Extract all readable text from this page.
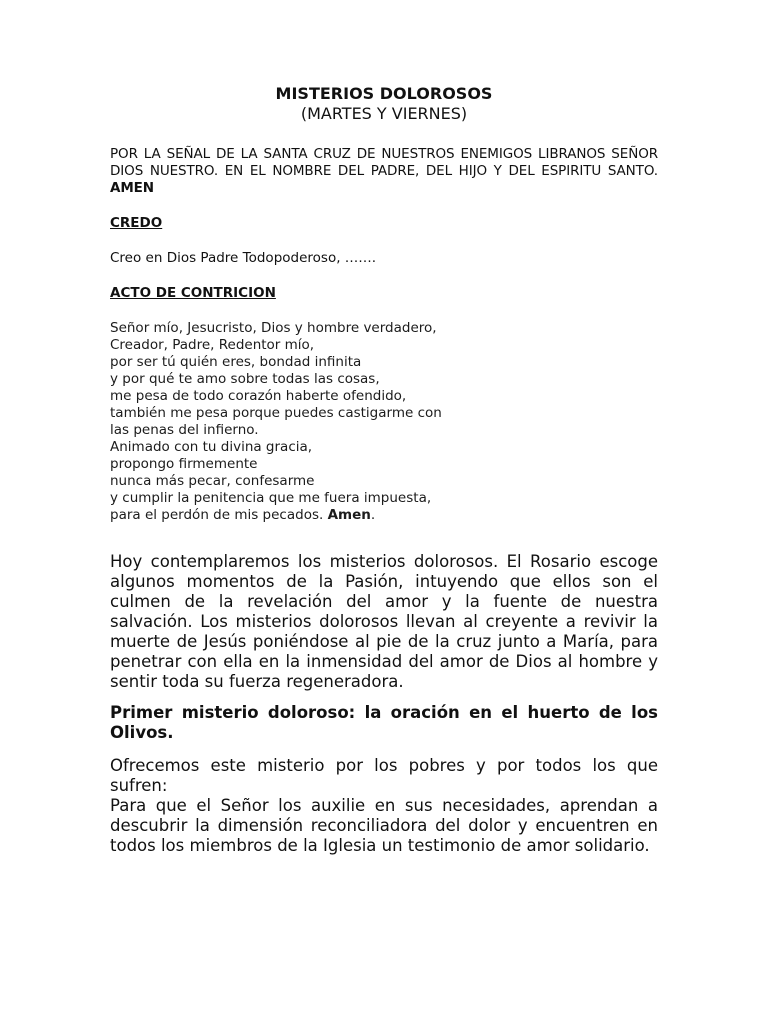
MISTERIOS DOLOROSOS
(MARTES Y VIERNES)

POR LA SEÑAL DE LA SANTA CRUZ DE NUESTROS ENEMIGOS LIBRANOS SEÑOR DIOS NUESTRO. EN EL NOMBRE DEL PADRE, DEL HIJO Y DEL ESPIRITU SANTO. AMEN

CREDO

Creo en Dios Padre Todopoderoso, …….

ACTO DE CONTRICION
Señor mío, Jesucristo, Dios y hombre verdadero,
Creador, Padre, Redentor mío,
por ser tú quién eres, bondad infinita
y por qué te amo sobre todas las cosas,
me pesa de todo corazón haberte ofendido,
también me pesa porque puedes castigarme con
las penas del infierno.
Animado con tu divina gracia,
propongo firmemente
nunca más pecar, confesarme
y cumplir la penitencia que me fuera impuesta,
para el perdón de mis pecados. Amen.

Hoy contemplaremos los misterios dolorosos. El Rosario escoge algunos momentos de la Pasión, intuyendo que ellos son el culmen de la revelación del amor y la fuente de nuestra salvación. Los misterios dolorosos llevan al creyente a revivir la muerte de Jesús poniéndose al pie de la cruz junto a María, para penetrar con ella en la inmensidad del amor de Dios al hombre y sentir toda su fuerza regeneradora.

Primer misterio doloroso: la oración en el huerto de los Olivos.

Ofrecemos este misterio por los pobres y por todos los que sufren:
Para que el Señor los auxilie en sus necesidades, aprendan a descubrir la dimensión reconciliadora del dolor y encuentren en todos los miembros de la Iglesia un testimonio de amor solidario.
